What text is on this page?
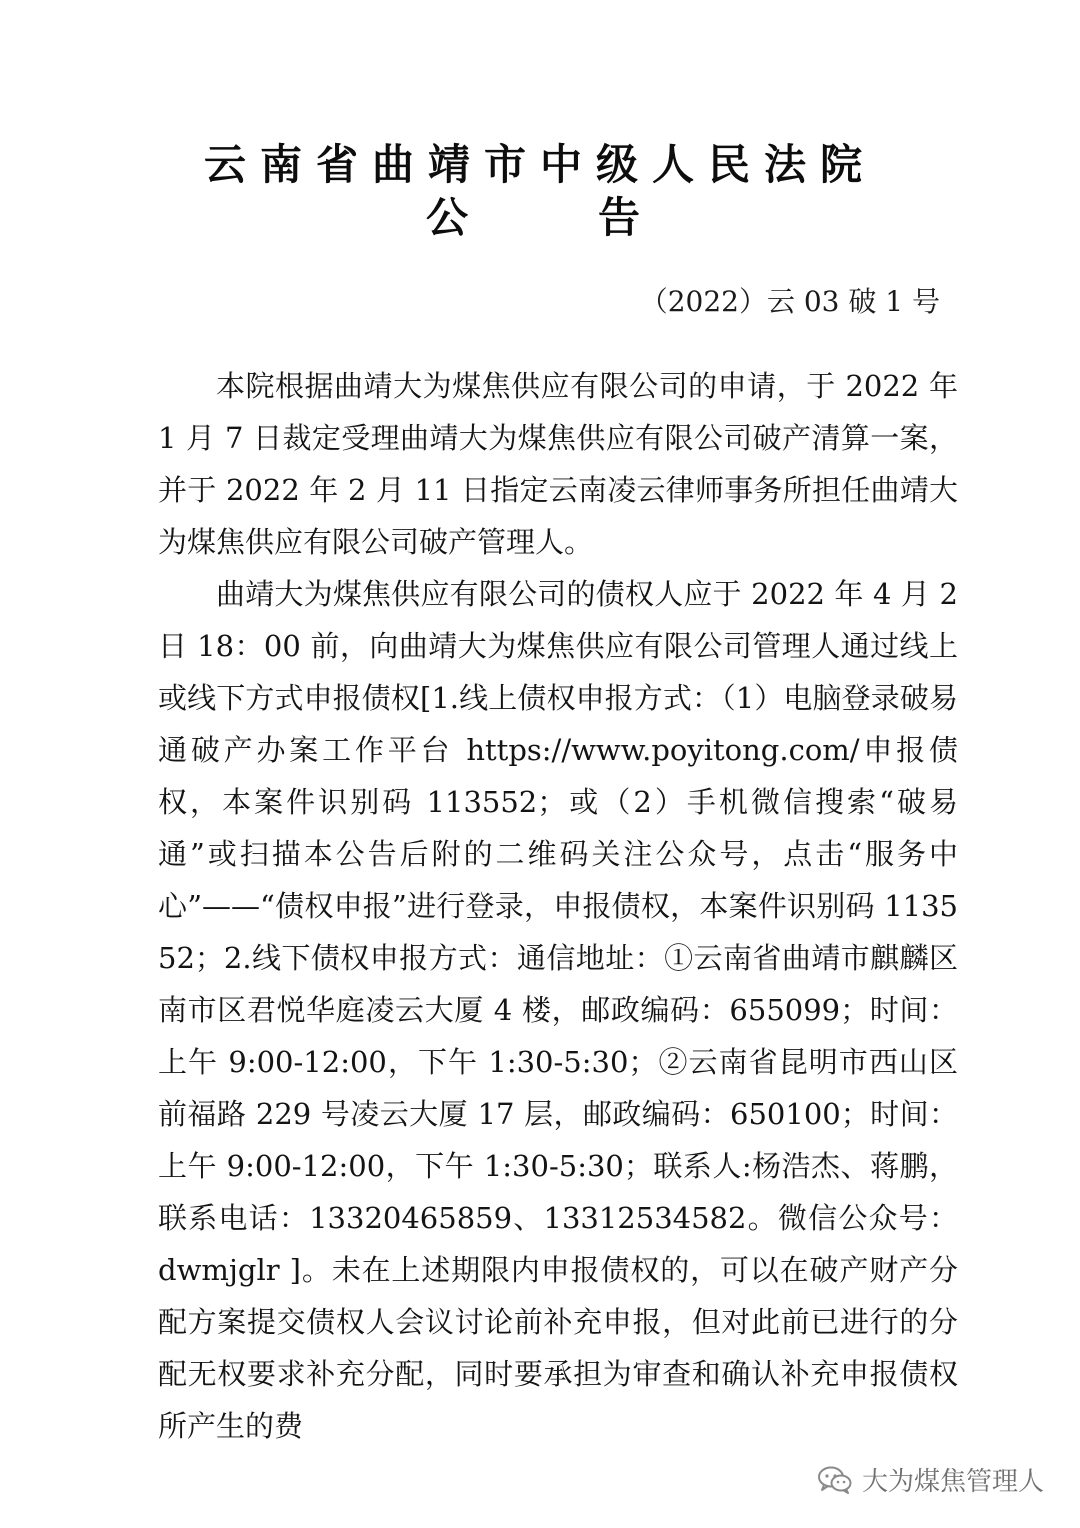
云南省曲靖市中级人民法院
公　告
（2022）云 03 破 1 号

本院根据曲靖大为煤焦供应有限公司的申请，于 2022 年 1 月 7 日裁定受理曲靖大为煤焦供应有限公司破产清算一案，并于 2022 年 2 月 11 日指定云南凌云律师事务所担任曲靖大为煤焦供应有限公司破产管理人。

曲靖大为煤焦供应有限公司的债权人应于 2022 年 4 月 2 日 18：00 前，向曲靖大为煤焦供应有限公司管理人通过线上或线下方式申报债权[1.线上债权申报方式：（1）电脑登录破易通破产办案工作平台 https://www.poyitong.com/申报债权，本案件识别码 113552；或（2）手机微信搜索“破易通”或扫描本公告后附的二维码关注公众号，点击“服务中心”——“债权申报”进行登录，申报债权，本案件识别码 113552；2.线下债权申报方式：通信地址：①云南省曲靖市麒麟区南市区君悦华庭凌云大厦 4 楼，邮政编码：655099；时间：上午 9:00-12:00，下午 1:30-5:30；②云南省昆明市西山区前福路 229 号凌云大厦 17 层，邮政编码：650100；时间：上午 9:00-12:00，下午 1:30-5:30；联系人:杨浩杰、蒋鹏，联系电话：13320465859、13312534582。微信公众号：dwmjglr ]。未在上述期限内申报债权的，可以在破产财产分配方案提交债权人会议讨论前补充申报，但对此前已进行的分配无权要求补充分配，同时要承担为审查和确认补充申报债权所产生的费

大为煤焦管理人
